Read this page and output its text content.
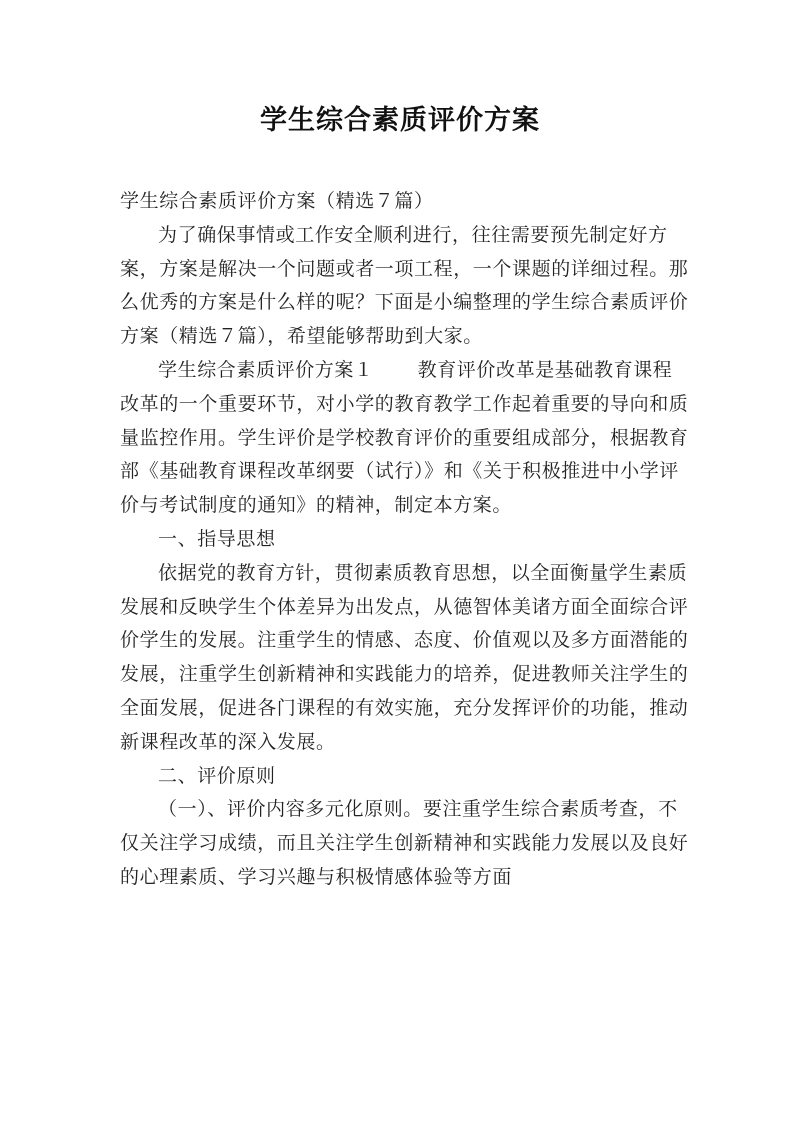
学生综合素质评价方案

学生综合素质评价方案（精选７篇）

为了确保事情或工作安全顺利进行，往往需要预先制定好方案，方案是解决一个问题或者一项工程，一个课题的详细过程。那么优秀的方案是什么样的呢？下面是小编整理的学生综合素质评价方案（精选７篇），希望能够帮助到大家。

学生综合素质评价方案１ 教育评价改革是基础教育课程改革的一个重要环节，对小学的教育教学工作起着重要的导向和质量监控作用。学生评价是学校教育评价的重要组成部分，根据教育部《基础教育课程改革纲要（试行）》和《关于积极推进中小学评价与考试制度的通知》的精神，制定本方案。

一、指导思想

依据党的教育方针，贯彻素质教育思想，以全面衡量学生素质发展和反映学生个体差异为出发点，从德智体美诸方面全面综合评价学生的发展。注重学生的情感、态度、价值观以及多方面潜能的发展，注重学生创新精神和实践能力的培养，促进教师关注学生的全面发展，促进各门课程的有效实施，充分发挥评价的功能，推动新课程改革的深入发展。

二、评价原则

（一）、评价内容多元化原则。要注重学生综合素质考查，不仅关注学习成绩，而且关注学生创新精神和实践能力发展以及良好的心理素质、学习兴趣与积极情感体验等方面
